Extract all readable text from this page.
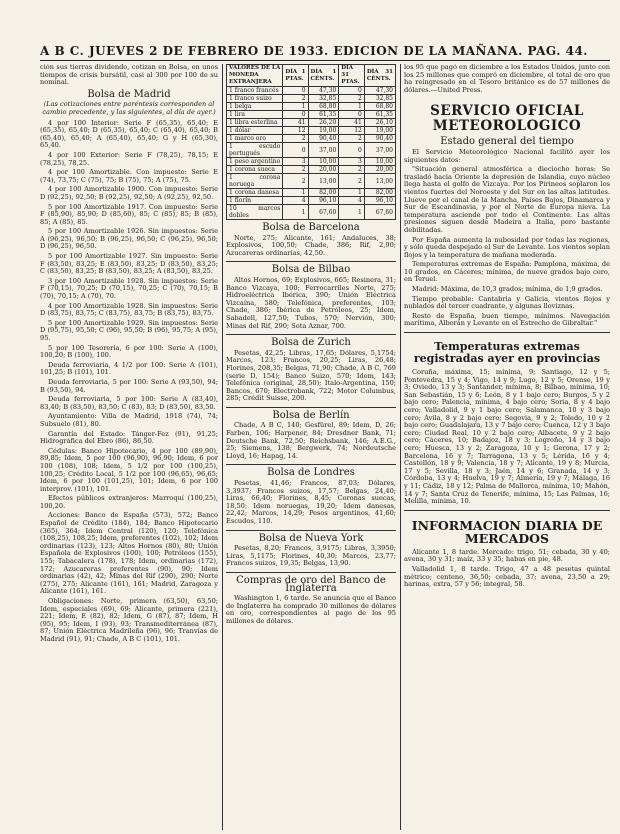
A B C. JUEVES 2 DE FEBRERO DE 1933. EDICION DE LA MAÑANA. PAG. 44.

ción sus tierras dividendo, cotizan en Bolsa, en unos tiempos de crisis bursátil, casi al 300 por 100 de su nominal.

Bolsa de Madrid
(Las cotizaciones entre paréntesis corresponden al cambio precedente, y las siguientes, al día de ayer.)

4 por 100 Interior: Serie F (65,35), 65,40; E (65,35), 65,40; D (65,35), 65,40; C (65,40), 65,40; B (65,40), 65,40; A (65,40), 65,40; G y H (65,30), 65,40.

4 por 100 Exterior: Serie F (78,25), 78,15; E (78,25), 78,25.

4 por 100 Amortizable. Con impuesto: Serie E (74), 73,75; C (75), 75; B (75), 75; A (75), 75.

4 por 100 Amortizable 1900. Con impuesto: Serie D (92,25), 92,50; B (92,25), 92,50; A (92,25), 92,50.

5 por 100 Amortizable 1917. Con impuesto: Serie F (85,90), 85,90; D (85,60), 85; C (85), 85; B (85), 85; A (85), 85.

5 por 100 Amortizable 1926. Sin impuestos: Serie A (96,25), 96,50; B (96,25), 96,50; C (96,25), 96,50; D (96,25), 96,50.

5 por 100 Amortizable 1927. Sin impuesto: Serie F (83,50), 83,25; E (83,50), 83,25; D (83,50), 83,25; C (83,50), 83,25; B (83,50), 83,25; A (83,50), 83,25.

3 por 100 Amortizable 1928. Sin impuestos: Serie F (70,15), 70,25; D (70,15), 70,25; C (70), 70,15; B (70), 70,15; A (70), 70.

4 por 100 Amortizable 1928. Sin impuestos: Serie D (83,75), 83,75; C (83,75), 83,75; B (83,75), 83,75.

5 por 100 Amortizable 1929. Sin impuestos: Serie D (95,75), 95,50; C (96), 95,50; B (96), 95,75; A (95), 95.

5 por 100 Tesorería, 6 por 100: Serie A (100), 100,20; B (100), 100.

Deuda ferroviaria, 4 1/2 por 100: Serie A (101), 101,25; B (101), 101.

Deuda ferroviaria, 5 por 100: Serie A (93,50), 94; B (93,50), 94.

Deuda ferroviaria, 5 por 100: Serie A (83,40), 83,40; B (83,50), 83,50; C (83), 83; D (83,50), 83,50.

Ayuntamiento: Villa de Madrid, 1918 (74), 74; Subsuelo (81), 80.

Garantía del Estado: Tánger-Fez (91), 91,25; Hidrográfica del Ebro (86), 86,50.

Cédulas: Banco Hipotecario, 4 por 100 (89,90), 89,85; Idem, 5 por 100 (96,90), 96,90; Idem, 6 por 100 (108), 108; Idem, 5 1/2 por 100 (100,25), 100,25; Crédito Local, 5 1/2 por 100 (96,65), 96,65; Idem, 6 por 100 (101,25), 101; Idem, 6 por 100 interprov. (101), 101.

Efectos públicos extranjeros: Marroquí (100,25), 100,20.

Acciones: Banco de España (573), 572; Banco Español de Crédito (184), 184; Banco Hipotecario (365), 364; Idem Central (120), 120; Telefónica (108,25), 108,25; Idem, preferentes (102), 102; Idem ordinarias (123), 123; Altos Hornos (80), 80; Unión Española de Explosivos (100), 100; Petróleos (155), 155; Tabacalera (178), 178; Idem, ordinarias (172), 172; Azucareras preferentes (90), 90; Idem ordinarias (42), 42; Minas del Rif (290), 290; Norte (275), 275; Alicante (161), 161; Madrid, Zaragoza y Alicante (161), 161.

Obligaciones: Norte, primera (63,50), 63,50; Idem, especiales (69), 69; Alicante, primera (221), 221; Idem, E (82), 82; Idem, G (87), 87; Idem, H (95), 95; Idem, I (93), 93; Transmediterránea (87), 87; Unión Eléctrica Madrileña (96), 96; Tranvías de Madrid (91), 91; Chade, A B C (101), 101.

VALORES DE LA MONEDA EXTRANJERA	DÍA 1 PTAS.	DÍA 1 CÉNTS.	DÍA 31 PTAS.	DÍA 31 CÉNTS.
1 franco francés	0	47,30	0	47,30
1 franco suizo	2	32,85	2	32,85
1 belga	1	68,80	1	68,80
1 lira	0	61,35	0	61,35
1 libra esterlina	41	26,20	41	26,10
1 dólar	12	19,00	12	19,00
1 marco oro	2	90,40	2	90,40
1 escudo portugués	0	37,00	0	37,00
1 peso argentino	3	10,00	3	10,00
1 corona sueca	2	20,00	2	20,00
1 corona noruega	2	13,00	2	13,00
1 corona danesa	1	82,00	1	82,00
1 florín	4	96,10	4	96,10
10 marcos dobles	1	67,60	1	67,60
Bolsa de Barcelona

Norte, 275; Alicante, 161; Andaluces, 38; Explosivos, 100,50; Chade, 386; Rif, 2,90; Azucareras ordinarias, 42,50.

Bolsa de Bilbao

Altos Hornos, 69; Explosivos, 665; Resinera, 31; Banco Vizcaya, 100; Ferrocarriles Norte, 275; Hidroeléctrica Ibérica, 390; Unión Eléctrica Vizcaína, 580; Telefónica, preferentes, 103; Chade, 386; Ibérica de Petróleos, 25; Idem, Sabadell, 127,50; Tubos, 570; Nervión, 300; Minas del Rif, 290; Sota Aznar, 700.

Bolsa de Zurich

Pesetas, 42,25; Libras, 17,65; Dólares, 5,1754; Marcos, 123; Francos, 20,25; Liras, 26,48; Florines, 208,35; Belgas, 71,90; Chade, A B C, 769 (serie D, 154); Banco Suizo, 570; Idem, 143; Telefónica (original, 28,50); Italo-Argentina, 150; Bancos, 670; Electrobank, 722; Motor Columbus, 285; Crédit Suisse, 200.

Bolsa de Berlín

Chade, A B C, 140; Gesfürel, 89; Idem, D, 26; Farben, 106; Harpener, 84; Dresdner Bank, 71; Deutsche Bank, 72,50; Reichsbank, 146; A.E.G., 25; Siemens, 138; Bergwerk, 74; Nordeutsche Lloyd, 16; Hapag, 14.

Bolsa de Londres

Pesetas, 41,46; Francos, 87,03; Dólares, 3,3937; Francos suizos, 17,57; Belgas, 24,40; Liras, 66,40; Florines, 8,45; Coronas suecas, 18,50; Idem noruegas, 19,20; Idem danesas, 22,42; Marcos, 14,29; Pesos argentinos, 41,60; Escudos, 110.

Bolsa de Nueva York

Pesetas, 8,20; Francos, 3,9175; Libras, 3,3950; Liras, 5,1175; Florines, 40,30; Marcos, 23,77; Francos suizos, 19,35; Belgas, 13,90.

Compras de oro del Banco de Inglaterra

Washington 1, 6 tarde. Se anuncia que el Banco de Inglaterra ha comprado 30 millones de dólares en oro, correspondientes al pago de los 95 millones de dólares.

los 95 que pagó en diciembre a los Estados Unidos, junto con los 25 millones que compró en diciembre, el total de oro que ha reingresado en el Tesoro británico es de 57 millones de dólares.—United Press.

SERVICIO OFICIAL METEOROLOGICO
Estado general del tiempo

El Servicio Meteorológico Nacional facilitó ayer los siguientes datos:

"Situación general atmosférica a dieciocho horas: Se trasladó hacia Oriente la depresión de Islandia, cuyo núcleo llega hasta el golfo de Vizcaya. Por los Pirineos soplaron los vientos fuertes del Noroeste y del Sur en las altas latitudes. Llueve por el canal de la Mancha, Países Bajos, Dinamarca y Sur de Escandinavia, y por el Norte de Europa nieva. La temperatura asciende por todo el Continente. Las altas presiones siguen desde Madeira a Italia, pero bastante debilitadas.

Por España aumenta la nubosidad por todas las regiones, y sólo queda despejado el Sur de Levante. Los vientos soplan flojos y la temperatura de mañana moderada.

Temperaturas extremas de España: Pamplona, máxima, de 10 grados, en Cáceres; mínima, de nueve grados bajo cero, en Teruel.

Madrid: Máxima, de 10,3 grados; mínima, de 1,9 grados.

Tiempo probable: Cantabria y Galicia, vientos flojos y nublados del tercer cuadrante, y algunas lloviznas.

Resto de España, buen tiempo, mínimos. Navegación marítima, Alborán y Levante en el Estrecho de Gibraltar."

Temperaturas extremas registradas ayer en provincias

Coruña, máxima, 15; mínima, 9; Santiago, 12 y 5; Pontevedra, 15 y 4; Vigo, 14 y 9; Lugo, 12 y 5; Orense, 19 y 3; Oviedo, 13 y 3; Santander, mínima, 8; Bilbao, mínima, 10; San Sebastián, 15 y 6; León, 8 y 1 bajo cero; Burgos, 5 y 2 bajo cero; Palencia, mínima, 4 bajo cero; Soria, 8 y 4 bajo cero; Valladolid, 9 y 1 bajo cero; Salamanca, 10 y 3 bajo cero; Ávila, 8 y 2 bajo cero; Segovia, 9 y 2; Toledo, 10 y 2 bajo cero; Guadalajara, 13 y 7 bajo cero; Cuenca, 12 y 3 bajo cero; Ciudad Real, 10 y 2 bajo cero; Albacete, 9 y 2 bajo cero; Cáceres, 10; Badajoz, 18 y 3; Logroño, 14 y 3 bajo cero; Huesca, 13 y 2; Zaragoza, 10 y 1; Gerona, 17 y 2; Barcelona, 16 y 7; Tarragona, 13 y 5; Lérida, 16 y 4; Castellón, 18 y 9; Valencia, 18 y 7; Alicante, 19 y 8; Murcia, 17 y 5; Sevilla, 18 y 3; Jaén, 14 y 6; Granada, 14 y 3; Córdoba, 13 y 4; Huelva, 19 y 7; Almería, 19 y 7; Málaga, 16 y 11; Cádiz, 18 y 12; Palma de Mallorca, mínima, 10; Mahón, 14 y 7; Santa Cruz de Tenerife, mínima, 15; Las Palmas, 16; Melilla, mínima, 10.

INFORMACION DIARIA DE MERCADOS

Alicante 1, 8 tarde. Mercado: trigo, 51; cebada, 30 y 40; avena, 30 y 31; maíz, 33 y 35; habas en pie, 48.

Valladolid 1, 8 tarde. Trigo, 47 a 48 pesetas quintal métrico; centeno, 36,50; cebada, 37; avena, 23,50 a 29; harinas, extra, 57 y 56; integral, 58.
